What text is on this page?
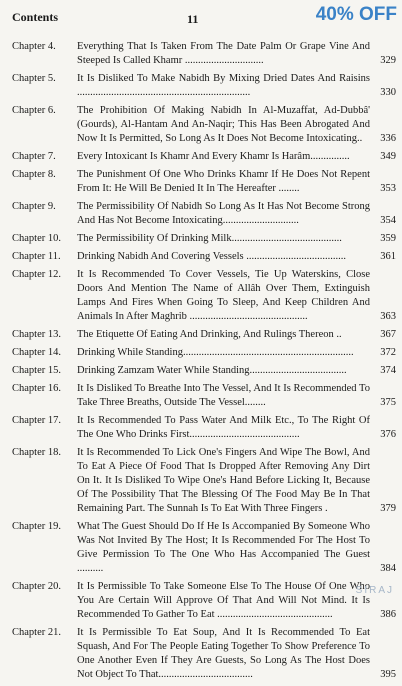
Contents	11	40% OFF
Chapter 4. Everything That Is Taken From The Date Palm Or Grape Vine And Steeped Is Called Khamr ..............................	329
Chapter 5. It Is Disliked To Make Nabidh By Mixing Dried Dates And Raisins ..................................................................	330
Chapter 6. The Prohibition Of Making Nabidh In Al-Muzaffat, Ad-Dubbâ' (Gourds), Al-Hantam And An-Naqir; This Has Been Abrogated And Now It Is Permitted, So Long As It Does Not Become Intoxicating..	336
Chapter 7. Every Intoxicant Is Khamr And Every Khamr Is Harâm...............	349
Chapter 8. The Punishment Of One Who Drinks Khamr If He Does Not Repent From It: He Will Be Denied It In The Hereafter ........	353
Chapter 9. The Permissibility Of Nabidh So Long As It Has Not Become Strong And Has Not Become Intoxicating.............................	354
Chapter 10. The Permissibility Of Drinking Milk..........................................	359
Chapter 11. Drinking Nabidh And Covering Vessels ......................................	361
Chapter 12. It Is Recommended To Cover Vessels, Tie Up Waterskins, Close Doors And Mention The Name of Allâh Over Them, Extinguish Lamps And Fires When Going To Sleep, And Keep Children And Animals In After Maghrib .............................................	363
Chapter 13. The Etiquette Of Eating And Drinking, And Rulings Thereon ..	367
Chapter 14. Drinking While Standing.................................................................	372
Chapter 15. Drinking Zamzam Water While Standing.....................................	374
Chapter 16. It Is Disliked To Breathe Into The Vessel, And It Is Recommended To Take Three Breaths, Outside The Vessel........	375
Chapter 17. It Is Recommended To Pass Water And Milk Etc., To The Right Of The One Who Drinks First..........................................	376
Chapter 18. It Is Recommended To Lick One's Fingers And Wipe The Bowl, And To Eat A Piece Of Food That Is Dropped After Removing Any Dirt On It. It Is Disliked To Wipe One's Hand Before Licking It, Because Of The Possibility That The Blessing Of The Food May Be In That Remaining Part. The Sunnah Is To Eat With Three Fingers .	379
Chapter 19. What The Guest Should Do If He Is Accompanied By Someone Who Was Not Invited By The Host; It Is Recommended For The Host To Give Permission To The One Who Has Accompanied The Guest ..........	384
Chapter 20. It Is Permissible To Take Someone Else To The House Of One Who You Are Certain Will Approve Of That And Will Not Mind. It Is Recommended To Gather To Eat ............................................	386
Chapter 21. It Is Permissible To Eat Soup, And It Is Recommended To Eat Squash, And For The People Eating Together To Show Preference To One Another Even If They Are Guests, So Long As The Host Does Not Object To That....................................	395
SIRAJ
